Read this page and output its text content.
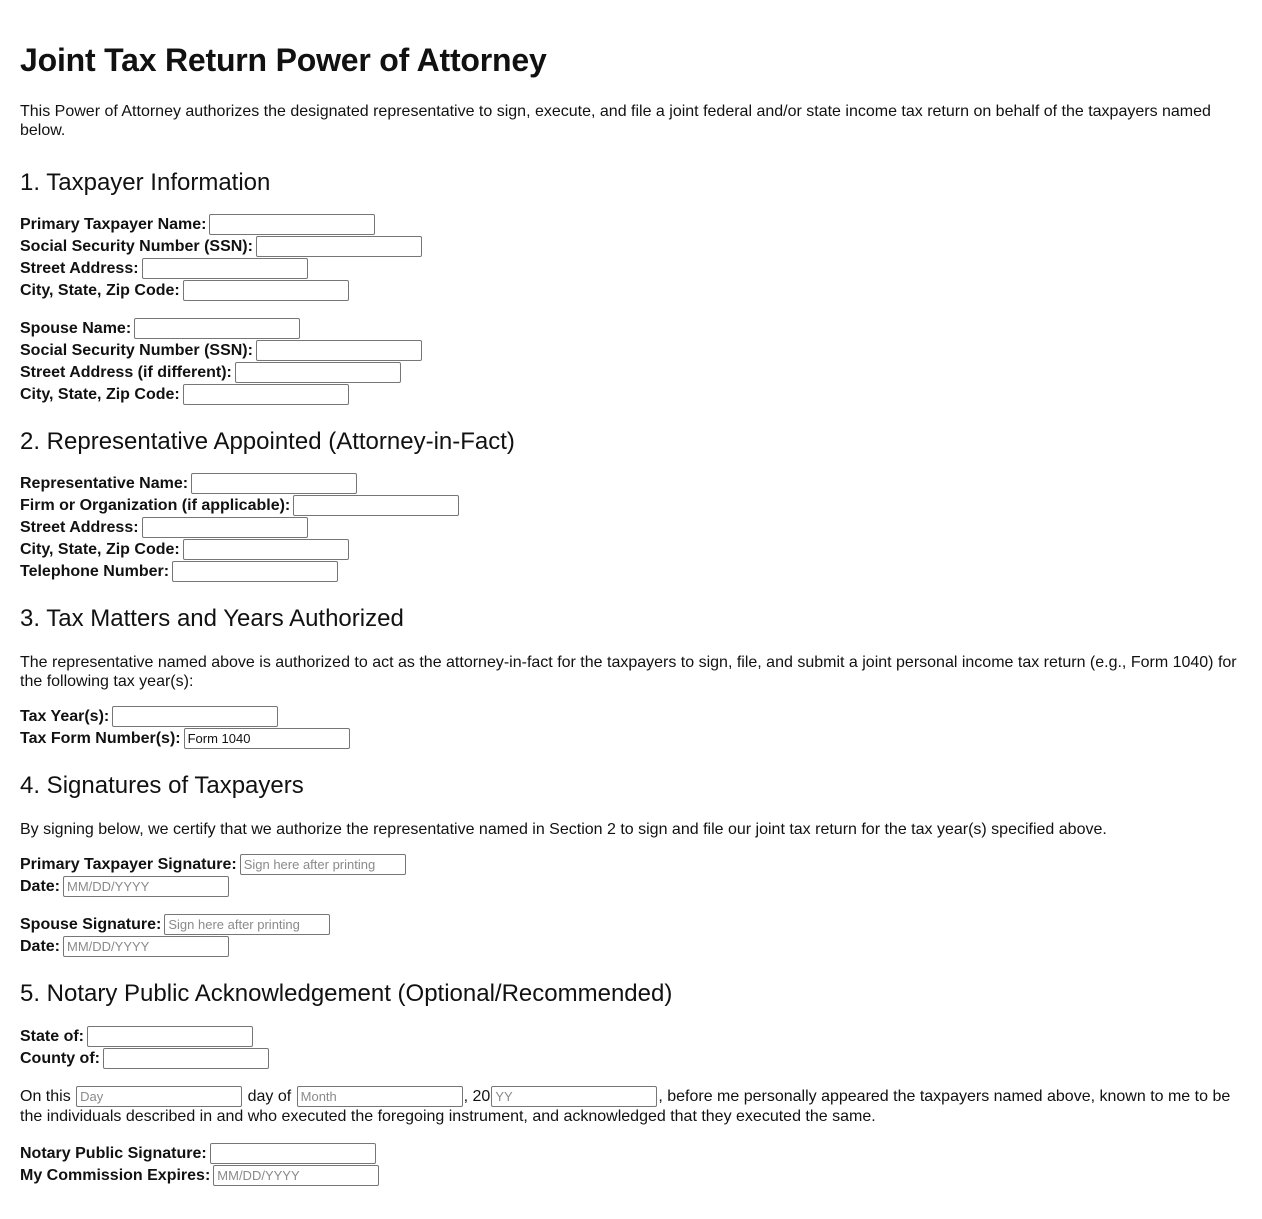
Joint Tax Return Power of Attorney

This Power of Attorney authorizes the designated representative to sign, execute, and file a joint federal and/or state income tax return on behalf of the taxpayers named below.

1. Taxpayer Information
Primary Taxpayer Name:
Social Security Number (SSN):
Street Address:
City, State, Zip Code:
Spouse Name:
Social Security Number (SSN):
Street Address (if different):
City, State, Zip Code:
2. Representative Appointed (Attorney-in-Fact)
Representative Name:
Firm or Organization (if applicable):
Street Address:
City, State, Zip Code:
Telephone Number:
3. Tax Matters and Years Authorized

The representative named above is authorized to act as the attorney-in-fact for the taxpayers to sign, file, and submit a joint personal income tax return (e.g., Form 1040) for the following tax year(s):

Tax Year(s):
Tax Form Number(s):Form 1040
4. Signatures of Taxpayers

By signing below, we certify that we authorize the representative named in Section 2 to sign and file our joint tax return for the tax year(s) specified above.

Primary Taxpayer Signature:Sign here after printing
Date:MM/DD/YYYY
Spouse Signature:Sign here after printing
Date:MM/DD/YYYY
5. Notary Public Acknowledgement (Optional/Recommended)
State of:
County of:

On this Day	day of Month	, 20YY	, before me personally appeared the taxpayers named above, known to me to be the individuals described in and who executed the foregoing instrument, and acknowledged that they executed the same.

Notary Public Signature:
My Commission Expires:MM/DD/YYYY
